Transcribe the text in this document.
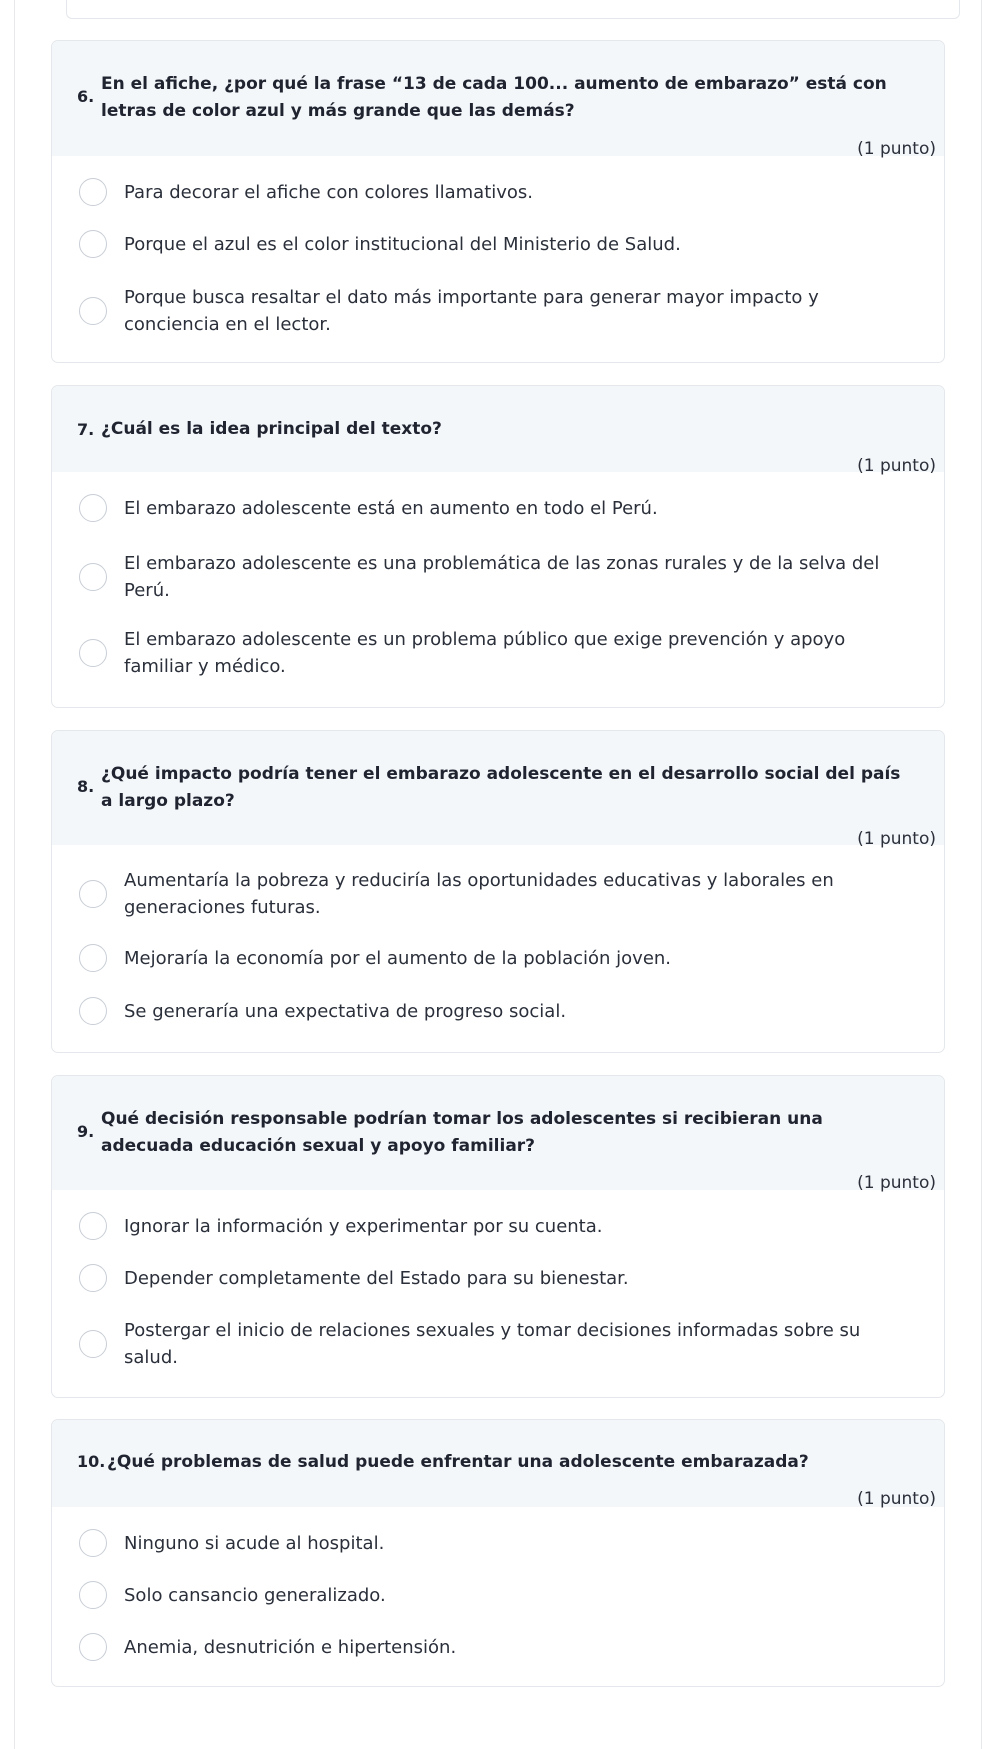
6.
En el afiche, ¿por qué la frase “13 de cada 100... aumento de embarazo” está con letras de color azul y más grande que las demás?
(1 punto)
Para decorar el afiche con colores llamativos.
Porque el azul es el color institucional del Ministerio de Salud.
Porque busca resaltar el dato más importante para generar mayor impacto y conciencia en el lector.
7. ¿Cuál es la idea principal del texto?
(1 punto)
El embarazo adolescente está en aumento en todo el Perú.
El embarazo adolescente es una problemática de las zonas rurales y de la selva del Perú.
El embarazo adolescente es un problema público que exige prevención y apoyo familiar y médico.
8.
¿Qué impacto podría tener el embarazo adolescente en el desarrollo social del país a largo plazo?
(1 punto)
Aumentaría la pobreza y reduciría las oportunidades educativas y laborales en generaciones futuras.
Mejoraría la economía por el aumento de la población joven.
Se generaría una expectativa de progreso social.
9.
Qué decisión responsable podrían tomar los adolescentes si recibieran una adecuada educación sexual y apoyo familiar?
(1 punto)
Ignorar la información y experimentar por su cuenta.
Depender completamente del Estado para su bienestar.
Postergar el inicio de relaciones sexuales y tomar decisiones informadas sobre su salud.
10. ¿Qué problemas de salud puede enfrentar una adolescente embarazada?
(1 punto)
Ninguno si acude al hospital.
Solo cansancio generalizado.
Anemia, desnutrición e hipertensión.
